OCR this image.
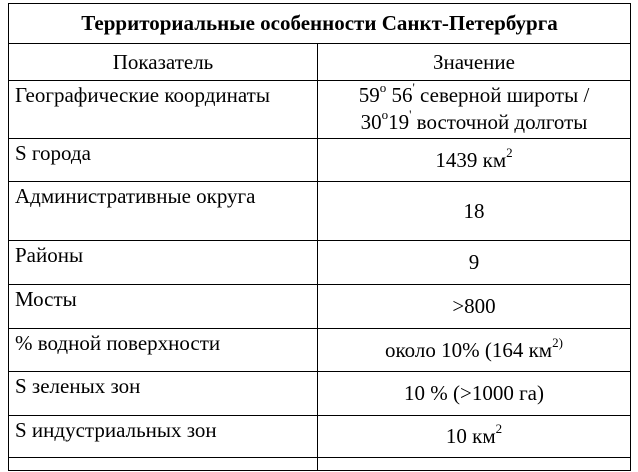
Территориальные особенности Санкт-Петербурга	
Показатель	Значение
Географические координаты	$59^о$ 56' северной широты /
$30^о19'$ восточной долготы
S города	1439 $км^2$
Административные округа	18
Районы	9
Мосты	>800
% водной поверхности	около 10% (164 $км^{2)}$
S зеленых зон	10 % (>1000 га)
S индустриальных зон	10 $км^2$
